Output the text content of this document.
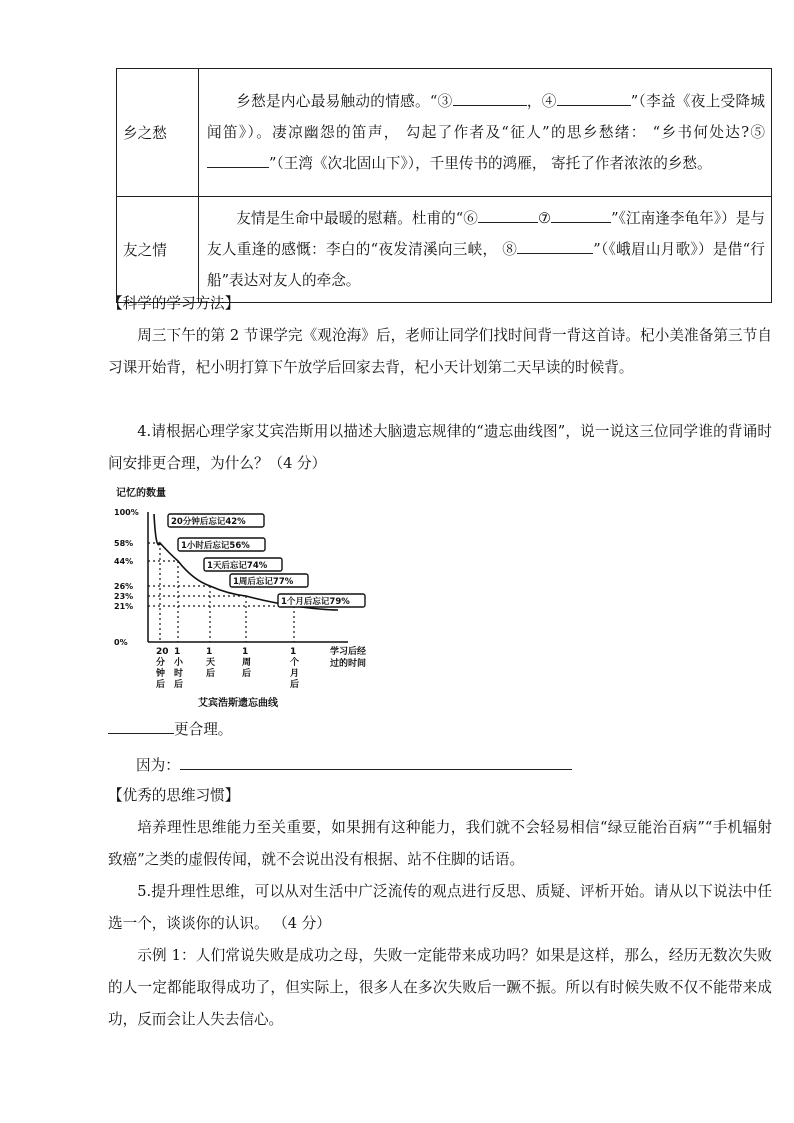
乡之愁	乡愁是内心最易触动的情感。“③ ，④ ”（李益《夜上受降城闻笛》）。凄凉幽怨的笛声， 勾起了作者及“征人”的思乡愁绪： “乡书何处达?⑤”（王湾《次北固山下》），千里传书的鸿雁， 寄托了作者浓浓的乡愁。

友之情	友情是生命中最暖的慰藉。杜甫的“⑥ ⑦ ”《江南逢李龟年》）是与友人重逢的感慨：李白的“夜发清溪向三峡， ⑧ ”（《峨眉山月歌》）是借“行船”表达对友人的牵念。
【科学的学习方法】
周三下午的第 2 节课学完《观沧海》后，老师让同学们找时间背一背这首诗。杞小美准备第三节自习课开始背，杞小明打算下午放学后回家去背，杞小天计划第二天早读的时候背。
4.请根据心理学家艾宾浩斯用以描述大脑遗忘规律的“遗忘曲线图”，说一说这三位同学谁的背诵时间安排更合理，为什么？（4 分）
记忆的数量
100%
58%
44%
26%
23%
21%
0%
20
分
钟
后
1
小
时
后
1
天
后
1
周
后
1
个
月
后
20分钟后忘记42%
1小时后忘记56%
1天后忘记74%
1周后忘记77%
1个月后忘记79%
学习后经
过的时间
艾宾浩斯遗忘曲线
更合理。
因为：
【优秀的思维习惯】
培养理性思维能力至关重要，如果拥有这种能力，我们就不会轻易相信“绿豆能治百病”“手机辐射致癌”之类的虚假传闻，就不会说出没有根据、站不住脚的话语。
5.提升理性思维，可以从对生活中广泛流传的观点进行反思、质疑、评析开始。请从以下说法中任选一个，谈谈你的认识。 （4 分）
示例 1：人们常说失败是成功之母，失败一定能带来成功吗？如果是这样，那么，经历无数次失败的人一定都能取得成功了，但实际上，很多人在多次失败后一蹶不振。所以有时候失败不仅不能带来成功，反而会让人失去信心。
